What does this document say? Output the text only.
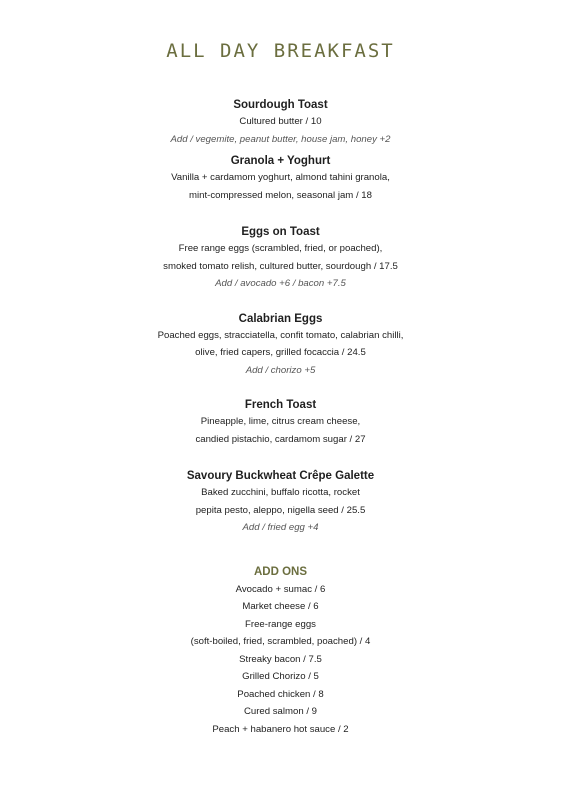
ALL DAY BREAKFAST
Sourdough Toast
Cultured butter / 10
Add / vegemite, peanut butter, house jam, honey +2
Granola + Yoghurt
Vanilla + cardamom yoghurt, almond tahini granola,
mint-compressed melon, seasonal jam / 18
Eggs on Toast
Free range eggs (scrambled, fried, or poached),
smoked tomato relish, cultured butter, sourdough / 17.5
Add / avocado +6 / bacon +7.5
Calabrian Eggs
Poached eggs, stracciatella, confit tomato, calabrian chilli,
olive, fried capers, grilled focaccia / 24.5
Add / chorizo +5
French Toast
Pineapple, lime, citrus cream cheese,
candied pistachio, cardamom sugar / 27
Savoury Buckwheat Crêpe Galette
Baked zucchini, buffalo ricotta, rocket
pepita pesto, aleppo, nigella seed / 25.5
Add / fried egg +4
ADD ONS
Avocado + sumac / 6
Market cheese / 6
Free-range eggs
(soft-boiled, fried, scrambled, poached) / 4
Streaky bacon / 7.5
Grilled Chorizo / 5
Poached chicken / 8
Cured salmon / 9
Peach + habanero hot sauce / 2
